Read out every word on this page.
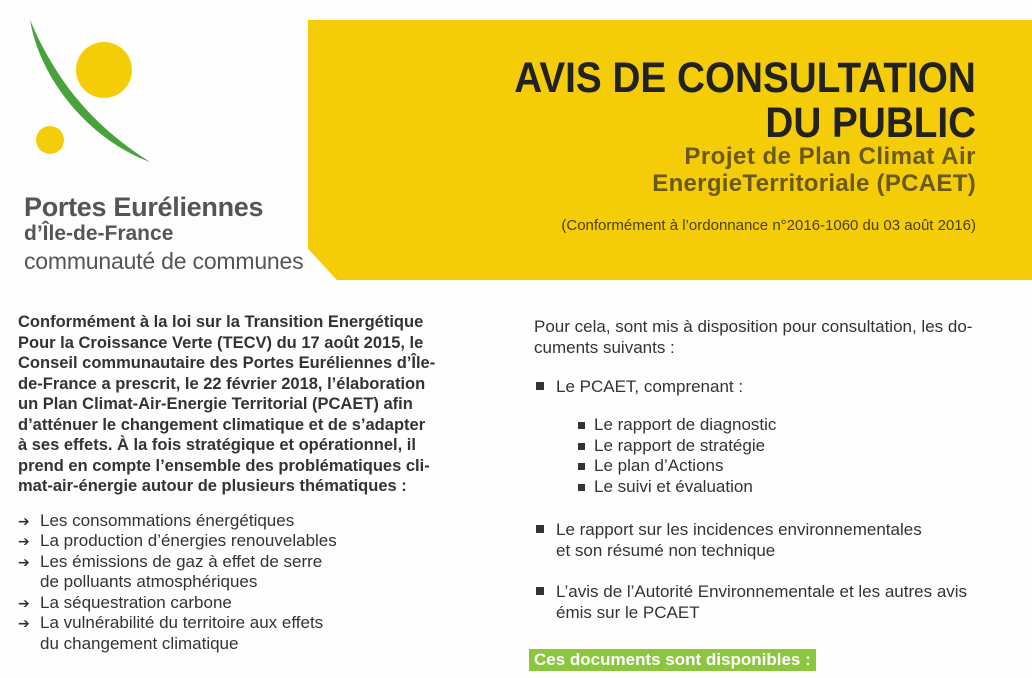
Portes Euréliennes
d’Île-de-France
communauté de communes
AVIS DE CONSULTATION
DU PUBLIC
Projet de Plan Climat Air
EnergieTerritoriale (PCAET)
(Conformément à l’ordonnance n°2016-1060 du 03 août 2016)

Conformément à la loi sur la Transition Energétique
Pour la Croissance Verte (TECV) du 17 août 2015, le
Conseil communautaire des Portes Euréliennes d’Île-
de-France a prescrit, le 22 février 2018, l’élaboration
un Plan Climat-Air-Energie Territorial (PCAET) afin
d’atténuer le changement climatique et de s’adapter
à ses effets. À la fois stratégique et opérationnel, il
prend en compte l’ensemble des problématiques cli-
mat-air-énergie autour de plusieurs thématiques :

➔ Les consommations énergétiques
➔ La production d’énergies renouvelables
➔ Les émissions de gaz à effet de serre
de polluants atmosphériques
➔ La séquestration carbone
➔ La vulnérabilité du territoire aux effets
du changement climatique

Pour cela, sont mis à disposition pour consultation, les do-
cuments suivants :

Le PCAET, comprenant :
Le rapport de diagnostic
Le rapport de stratégie
Le plan d’Actions
Le suivi et évaluation
Le rapport sur les incidences environnementales
et son résumé non technique
L’avis de l’Autorité Environnementale et les autres avis
émis sur le PCAET
Ces documents sont disponibles :
